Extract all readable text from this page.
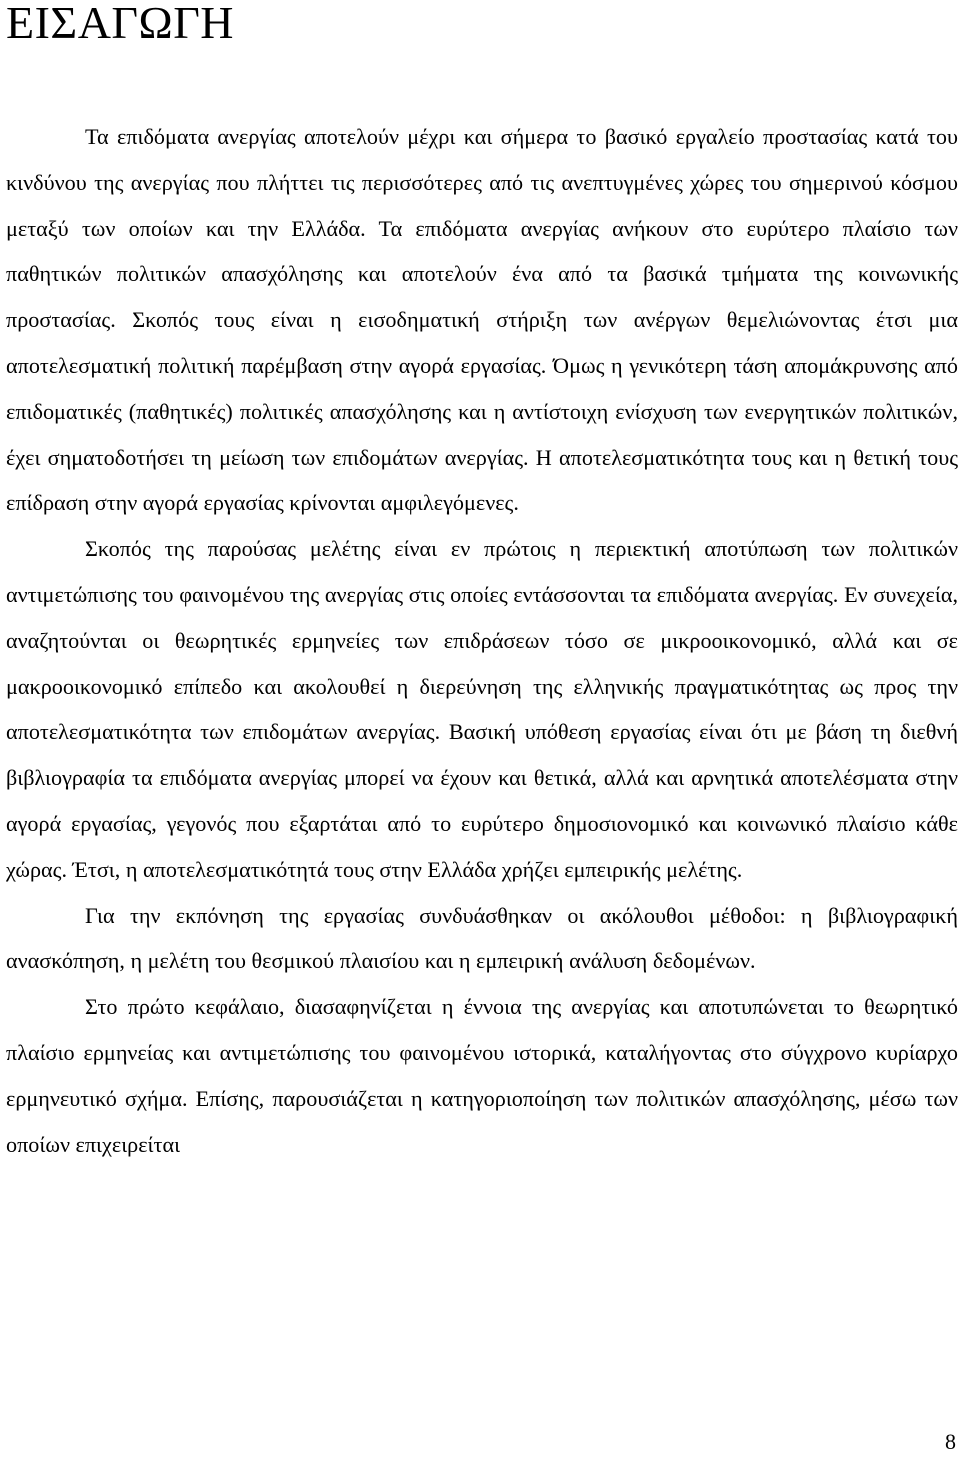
ΕΙΣΑΓΩΓΗ

Τα επιδόματα ανεργίας αποτελούν μέχρι και σήμερα το βασικό εργαλείο προστασίας κατά του κινδύνου της ανεργίας που πλήττει τις περισσότερες από τις ανεπτυγμένες χώρες του σημερινού κόσμου μεταξύ των οποίων και την Ελλάδα. Τα επιδόματα ανεργίας ανήκουν στο ευρύτερο πλαίσιο των παθητικών πολιτικών απασχόλησης και αποτελούν ένα από τα βασικά τμήματα της κοινωνικής προστασίας. Σκοπός τους είναι η εισοδηματική στήριξη των ανέργων θεμελιώνοντας έτσι μια αποτελεσματική πολιτική παρέμβαση στην αγορά εργασίας. Όμως η γενικότερη τάση απομάκρυνσης από επιδοματικές (παθητικές) πολιτικές απασχόλησης και η αντίστοιχη ενίσχυση των ενεργητικών πολιτικών, έχει σηματοδοτήσει τη μείωση των επιδομάτων ανεργίας. Η αποτελεσματικότητα τους και η θετική τους επίδραση στην αγορά εργασίας κρίνονται αμφιλεγόμενες.

Σκοπός της παρούσας μελέτης είναι εν πρώτοις η περιεκτική αποτύπωση των πολιτικών αντιμετώπισης του φαινομένου της ανεργίας στις οποίες εντάσσονται τα επιδόματα ανεργίας. Εν συνεχεία, αναζητούνται οι θεωρητικές ερμηνείες των επιδράσεων τόσο σε μικροοικονομικό, αλλά και σε μακροοικονομικό επίπεδο και ακολουθεί η διερεύνηση της ελληνικής πραγματικότητας ως προς την αποτελεσματικότητα των επιδομάτων ανεργίας. Βασική υπόθεση εργασίας είναι ότι με βάση τη διεθνή βιβλιογραφία τα επιδόματα ανεργίας μπορεί να έχουν και θετικά, αλλά και αρνητικά αποτελέσματα στην αγορά εργασίας, γεγονός που εξαρτάται από το ευρύτερο δημοσιονομικό και κοινωνικό πλαίσιο κάθε χώρας. Έτσι, η αποτελεσματικότητά τους στην Ελλάδα χρήζει εμπειρικής μελέτης.

Για την εκπόνηση της εργασίας συνδυάσθηκαν οι ακόλουθοι μέθοδοι: η βιβλιογραφική ανασκόπηση, η μελέτη του θεσμικού πλαισίου και η εμπειρική ανάλυση δεδομένων.

Στο πρώτο κεφάλαιο, διασαφηνίζεται η έννοια της ανεργίας και αποτυπώνεται το θεωρητικό πλαίσιο ερμηνείας και αντιμετώπισης του φαινομένου ιστορικά, καταλήγοντας στο σύγχρονο κυρίαρχο ερμηνευτικό σχήμα. Επίσης, παρουσιάζεται η κατηγοριοποίηση των πολιτικών απασχόλησης, μέσω των οποίων επιχειρείται

8
